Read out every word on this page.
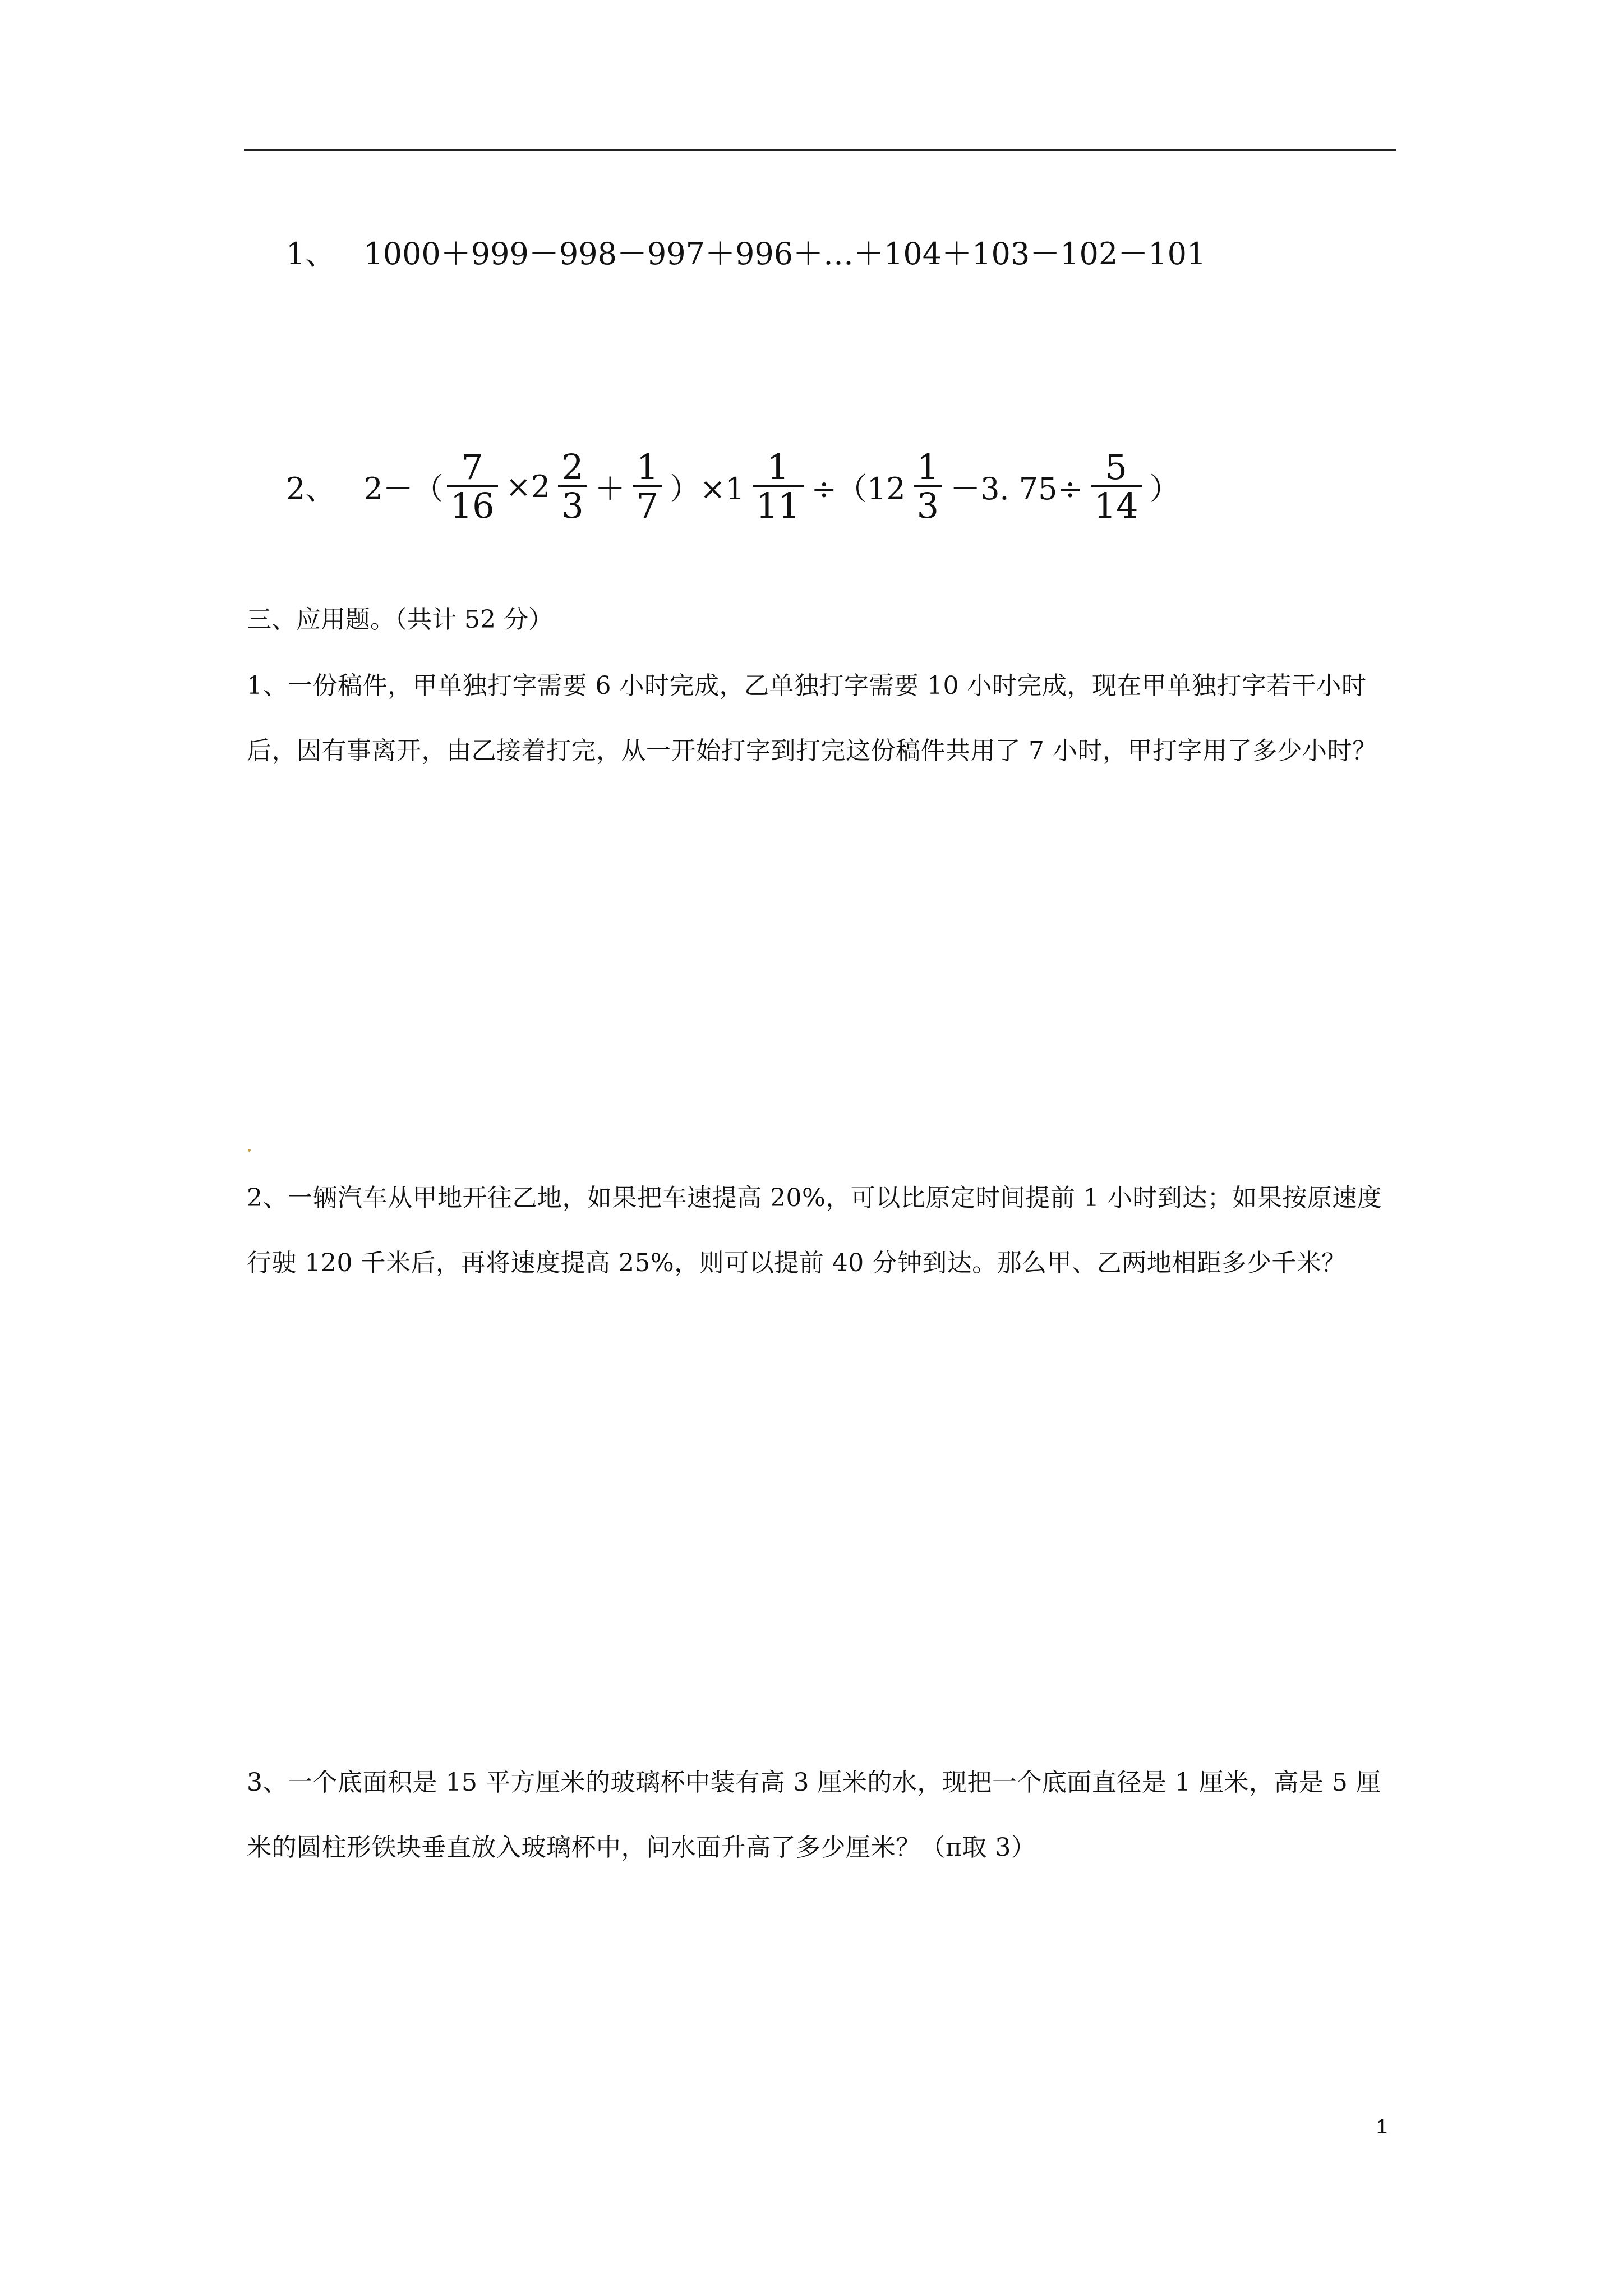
1、 1000＋999－998－997＋996＋…＋104＋103－102－101
2、 $2-( \frac{7}{16} \times 2 \frac{2}{3} + \frac{1}{7} )\times 1 \frac{1}{11} \div(12 \frac{1}{3} -3$. $75\div \frac{5}{14}$ ）
三、应用题。（共计 52 分）

1、一份稿件，甲单独打字需要 6 小时完成，乙单独打字需要 10 小时完成，现在甲单独打字若干小时后，因有事离开，由乙接着打完，从一开始打字到打完这份稿件共用了 7 小时，甲打字用了多少小时？

2、一辆汽车从甲地开往乙地，如果把车速提高 20%，可以比原定时间提前 1 小时到达；如果按原速度行驶 120 千米后，再将速度提高 25%，则可以提前 40 分钟到达。那么甲、乙两地相距多少千米？

3、一个底面积是 15 平方厘米的玻璃杯中装有高 3 厘米的水，现把一个底面直径是 1 厘米，高是 5 厘米的圆柱形铁块垂直放入玻璃杯中，问水面升高了多少厘米？（π取 3）

1
